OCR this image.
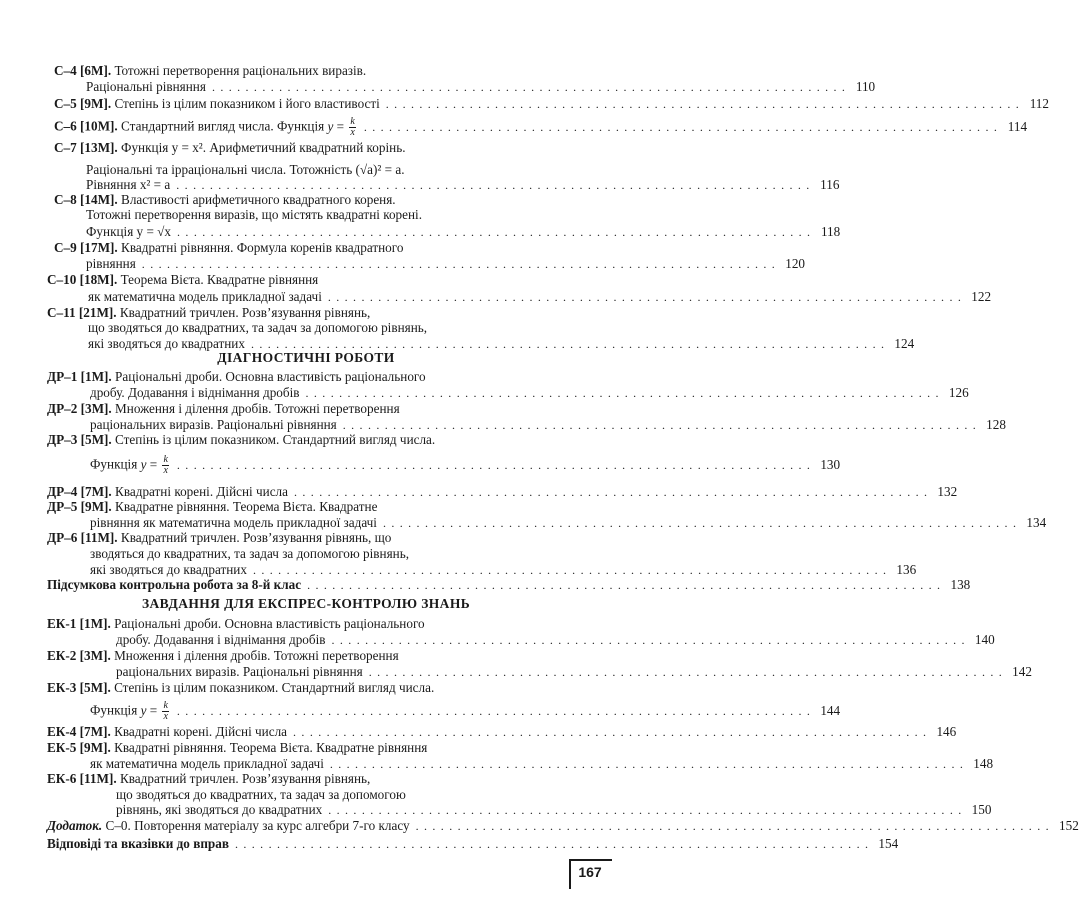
С–4 [6М]. Тотожні перетворення раціональних виразів.
Раціональні рівняння . . . . . . . . . . . . . . . . . . . . . . . . . . . . . . . . . . . . . . . . . . . . . . . . . . . . . . . . . . . . . . . . . . . . . . . . . . . . 110
С–5 [9М]. Степінь із цілим показником і його властивості . . . . . . . . . . . . . . . . . . . . . . . . . . . . . . . . . . . . . . . . . . . . . . . . . . . . . . . . . . . . . . . . . . . . . . . . . . . . 112
С–6 [10М]. Стандартний вигляд числа. Функція $y = \frac{k}{x}$ . . . . . . . . . . . . . . . . . . . . . . . . . . . . . . . . . . . . . . . . . . . . . . . . . . . . . . . . . . . . . . . . . . . . . . . . . . . . 114
С–7 [13М]. Функція y = x². Арифметичний квадратний корінь.
Раціональні та ірраціональні числа. Тотожність (√a)² = a.
Рівняння x² = a . . . . . . . . . . . . . . . . . . . . . . . . . . . . . . . . . . . . . . . . . . . . . . . . . . . . . . . . . . . . . . . . . . . . . . . . . . . . 116
С–8 [14М]. Властивості арифметичного квадратного кореня.
Тотожні перетворення виразів, що містять квадратні корені.
Функція y = √x . . . . . . . . . . . . . . . . . . . . . . . . . . . . . . . . . . . . . . . . . . . . . . . . . . . . . . . . . . . . . . . . . . . . . . . . . . . . 118
С–9 [17М]. Квадратні рівняння. Формула коренів квадратного
рівняння . . . . . . . . . . . . . . . . . . . . . . . . . . . . . . . . . . . . . . . . . . . . . . . . . . . . . . . . . . . . . . . . . . . . . . . . . . . . 120
С–10 [18М]. Теорема Вієта. Квадратне рівняння
як математична модель прикладної задачі . . . . . . . . . . . . . . . . . . . . . . . . . . . . . . . . . . . . . . . . . . . . . . . . . . . . . . . . . . . . . . . . . . . . . . . . . . . . 122
С–11 [21М]. Квадратний тричлен. Розв’язування рівнянь,
що зводяться до квадратних, та задач за допомогою рівнянь,
які зводяться до квадратних . . . . . . . . . . . . . . . . . . . . . . . . . . . . . . . . . . . . . . . . . . . . . . . . . . . . . . . . . . . . . . . . . . . . . . . . . . . . 124
ДІАГНОСТИЧНІ РОБОТИ
ДР–1 [1М]. Раціональні дроби. Основна властивість раціонального
дробу. Додавання і віднімання дробів . . . . . . . . . . . . . . . . . . . . . . . . . . . . . . . . . . . . . . . . . . . . . . . . . . . . . . . . . . . . . . . . . . . . . . . . . . . . 126
ДР–2 [3М]. Множення і ділення дробів. Тотожні перетворення
раціональних виразів. Раціональні рівняння . . . . . . . . . . . . . . . . . . . . . . . . . . . . . . . . . . . . . . . . . . . . . . . . . . . . . . . . . . . . . . . . . . . . . . . . . . . . 128
ДР–3 [5М]. Степінь із цілим показником. Стандартний вигляд числа.
Функція $y = \frac{k}{x}$ . . . . . . . . . . . . . . . . . . . . . . . . . . . . . . . . . . . . . . . . . . . . . . . . . . . . . . . . . . . . . . . . . . . . . . . . . . . . 130
ДР–4 [7М]. Квадратні корені. Дійсні числа . . . . . . . . . . . . . . . . . . . . . . . . . . . . . . . . . . . . . . . . . . . . . . . . . . . . . . . . . . . . . . . . . . . . . . . . . . . . 132
ДР–5 [9М]. Квадратне рівняння. Теорема Вієта. Квадратне
рівняння як математична модель прикладної задачі . . . . . . . . . . . . . . . . . . . . . . . . . . . . . . . . . . . . . . . . . . . . . . . . . . . . . . . . . . . . . . . . . . . . . . . . . . . . 134
ДР–6 [11М]. Квадратний тричлен. Розв’язування рівнянь, що
зводяться до квадратних, та задач за допомогою рівнянь,
які зводяться до квадратних . . . . . . . . . . . . . . . . . . . . . . . . . . . . . . . . . . . . . . . . . . . . . . . . . . . . . . . . . . . . . . . . . . . . . . . . . . . . 136
Підсумкова контрольна робота за 8-й клас . . . . . . . . . . . . . . . . . . . . . . . . . . . . . . . . . . . . . . . . . . . . . . . . . . . . . . . . . . . . . . . . . . . . . . . . . . . . 138
ЗАВДАННЯ ДЛЯ ЕКСПРЕС-КОНТРОЛЮ ЗНАНЬ
ЕК-1 [1М]. Раціональні дроби. Основна властивість раціонального
дробу. Додавання і віднімання дробів . . . . . . . . . . . . . . . . . . . . . . . . . . . . . . . . . . . . . . . . . . . . . . . . . . . . . . . . . . . . . . . . . . . . . . . . . . . . 140
ЕК-2 [3М]. Множення і ділення дробів. Тотожні перетворення
раціональних виразів. Раціональні рівняння . . . . . . . . . . . . . . . . . . . . . . . . . . . . . . . . . . . . . . . . . . . . . . . . . . . . . . . . . . . . . . . . . . . . . . . . . . . . 142
ЕК-3 [5М]. Степінь із цілим показником. Стандартний вигляд числа.
Функція $y = \frac{k}{x}$ . . . . . . . . . . . . . . . . . . . . . . . . . . . . . . . . . . . . . . . . . . . . . . . . . . . . . . . . . . . . . . . . . . . . . . . . . . . . 144
ЕК-4 [7М]. Квадратні корені. Дійсні числа . . . . . . . . . . . . . . . . . . . . . . . . . . . . . . . . . . . . . . . . . . . . . . . . . . . . . . . . . . . . . . . . . . . . . . . . . . . . 146
ЕК-5 [9М]. Квадратні рівняння. Теорема Вієта. Квадратне рівняння
як математична модель прикладної задачі . . . . . . . . . . . . . . . . . . . . . . . . . . . . . . . . . . . . . . . . . . . . . . . . . . . . . . . . . . . . . . . . . . . . . . . . . . . . 148
ЕК-6 [11М]. Квадратний тричлен. Розв’язування рівнянь,
що зводяться до квадратних, та задач за допомогою
рівнянь, які зводяться до квадратних . . . . . . . . . . . . . . . . . . . . . . . . . . . . . . . . . . . . . . . . . . . . . . . . . . . . . . . . . . . . . . . . . . . . . . . . . . . . 150
Додаток. С–0. Повторення матеріалу за курс алгебри 7-го класу . . . . . . . . . . . . . . . . . . . . . . . . . . . . . . . . . . . . . . . . . . . . . . . . . . . . . . . . . . . . . . . . . . . . . . . . . . . . 152
Відповіді та вказівки до вправ . . . . . . . . . . . . . . . . . . . . . . . . . . . . . . . . . . . . . . . . . . . . . . . . . . . . . . . . . . . . . . . . . . . . . . . . . . . . 154
167
